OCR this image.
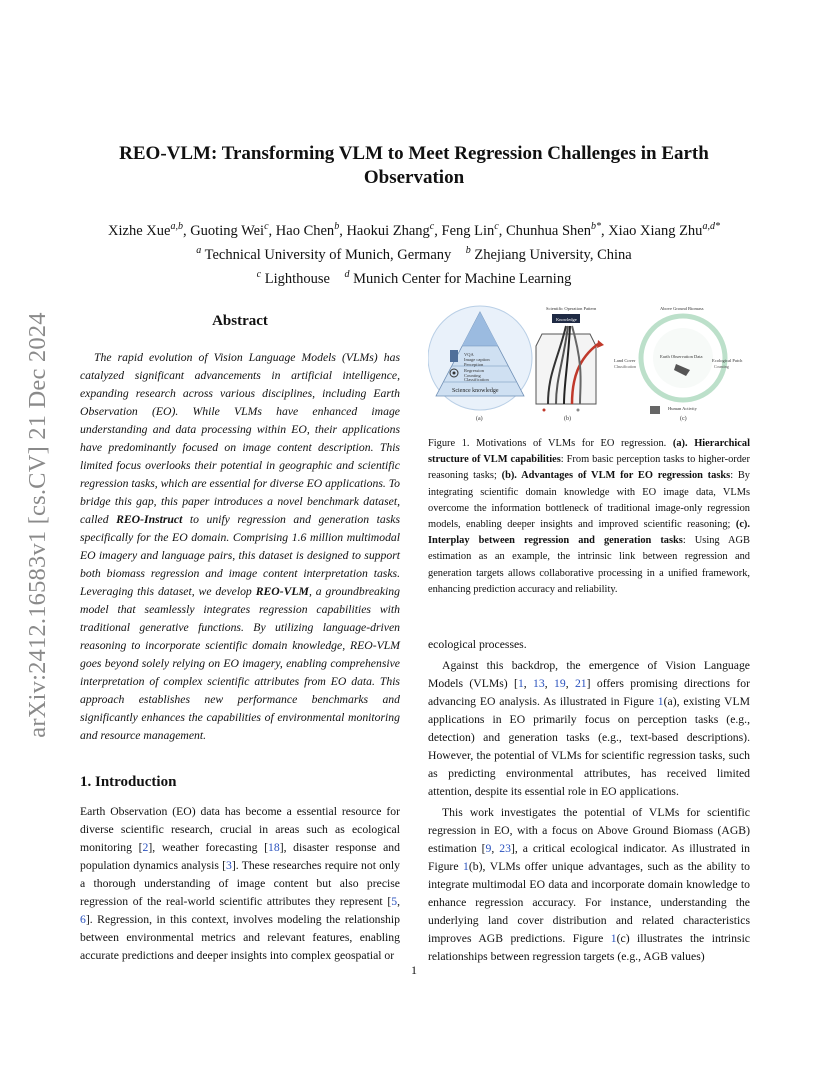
arXiv:2412.16583v1 [cs.CV] 21 Dec 2024
REO-VLM: Transforming VLM to Meet Regression Challenges in Earth
Observation
Xizhe Xue$^{a,b}$, Guoting Wei$^c$, Hao Chen$^b$, Haokui Zhang$^c$, Feng Lin$^c$, Chunhua Shen$^{b*}$, Xiao Xiang Zhu$^{a,d*}$
$^a$ Technical University of Munich, Germany $^b$ Zhejiang University, China
$^c$ Lighthouse $^d$ Munich Center for Machine Learning
Abstract

The rapid evolution of Vision Language Models (VLMs) has catalyzed significant advancements in artificial intelligence, expanding research across various disciplines, including Earth Observation (EO). While VLMs have enhanced image understanding and data processing within EO, their applications have predominantly focused on image content description. This limited focus overlooks their potential in geographic and scientific regression tasks, which are essential for diverse EO applications. To bridge this gap, this paper introduces a novel benchmark dataset, called REO-Instruct to unify regression and generation tasks specifically for the EO domain. Comprising 1.6 million multimodal EO imagery and language pairs, this dataset is designed to support both biomass regression and image content interpretation tasks. Leveraging this dataset, we develop REO-VLM, a groundbreaking model that seamlessly integrates regression capabilities with traditional generative functions. By utilizing language-driven reasoning to incorporate scientific domain knowledge, REO-VLM goes beyond solely relying on EO imagery, enabling comprehensive interpretation of complex scientific attributes from EO data. This approach establishes new performance benchmarks and significantly enhances the capabilities of environmental monitoring and resource management.

1. Introduction

Earth Observation (EO) data has become a essential resource for diverse scientific research, crucial in areas such as ecological monitoring [2], weather forecasting [18], disaster response and population dynamics analysis [3]. These researches require not only a thorough understanding of image content but also precise regression of the real-world scientific attributes they represent [5, 6]. Regression, in this context, involves modeling the relationship between environmental metrics and relevant features, enabling accurate predictions and deeper insights into complex geospatial or

VQA
Image caption
Perception
Regression
Counting
Classification
Science knowledge
(a)
Scientific Operation Pattern
Knowledge
(b)
Above Ground Biomass
Earth Observation Data
Land Cover
Classification
Ecological Patch
Counting
Human Activity
(c)
Figure 1. Motivations of VLMs for EO regression. (a). Hierarchical structure of VLM capabilities: From basic perception tasks to higher-order reasoning tasks; (b). Advantages of VLM for EO regression tasks: By integrating scientific domain knowledge with EO image data, VLMs overcome the information bottleneck of traditional image-only regression models, enabling deeper insights and improved scientific reasoning; (c). Interplay between regression and generation tasks: Using AGB estimation as an example, the intrinsic link between regression and generation targets allows collaborative processing in a unified framework, enhancing prediction accuracy and reliability.

ecological processes.

Against this backdrop, the emergence of Vision Language Models (VLMs) [1, 13, 19, 21] offers promising directions for advancing EO analysis. As illustrated in Figure 1(a), existing VLM applications in EO primarily focus on perception tasks (e.g., detection) and generation tasks (e.g., text-based descriptions). However, the potential of VLMs for scientific regression tasks, such as predicting environmental attributes, has received limited attention, despite its essential role in EO applications.

This work investigates the potential of VLMs for scientific regression in EO, with a focus on Above Ground Biomass (AGB) estimation [9, 23], a critical ecological indicator. As illustrated in Figure 1(b), VLMs offer unique advantages, such as the ability to integrate multimodal EO data and incorporate domain knowledge to enhance regression accuracy. For instance, understanding the underlying land cover distribution and related characteristics improves AGB predictions. Figure 1(c) illustrates the intrinsic relationships between regression targets (e.g., AGB values)

1
